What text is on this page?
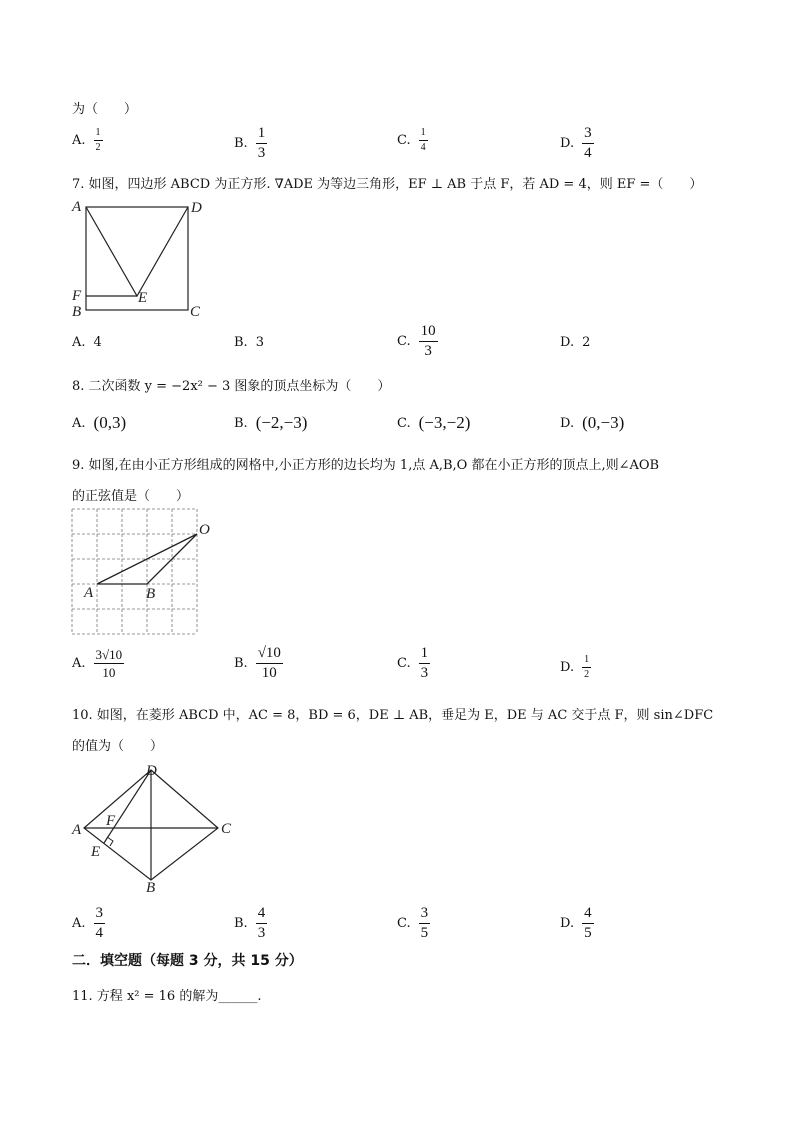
为（　　）
A. $\frac{1}{2}$	B. $\frac{1}{3}$	C. $\frac{1}{4}$	D. $\frac{3}{4}$
7. 如图，四边形 ABCD 为正方形. ∇ADE 为等边三角形，EF ⊥ AB 于点 F，若 AD = 4，则 EF =（　　）
A	D
F	E
B	C
A. 4	B. 3	C. $\frac{10}{3}$	D. 2
8. 二次函数 y = −2x² − 3 图象的顶点坐标为（　　）
A. (0,3)	B. (−2,−3)	C. (−3,−2)	D. (0,−3)
9. 如图,在由小正方形组成的网格中,小正方形的边长均为 1,点 A,B,O 都在小正方形的顶点上,则∠AOB
的正弦值是（　　）
A	B
O
A. $\frac{3√10}{10}$	B. $\frac{√10}{10}$	C. $\frac{1}{3}$	D. $\frac{1}{2}$
10. 如图，在菱形 ABCD 中，AC = 8，BD = 6，DE ⊥ AB，垂足为 E，DE 与 AC 交于点 F，则 sin∠DFC
的值为（　　）
D
A
F	C
E
B
A. $\frac{3}{4}$	B. $\frac{4}{3}$	C. $\frac{3}{5}$	D. $\frac{4}{5}$
二．填空题（每题 3 分，共 15 分）
11. 方程 x² = 16 的解为______.
